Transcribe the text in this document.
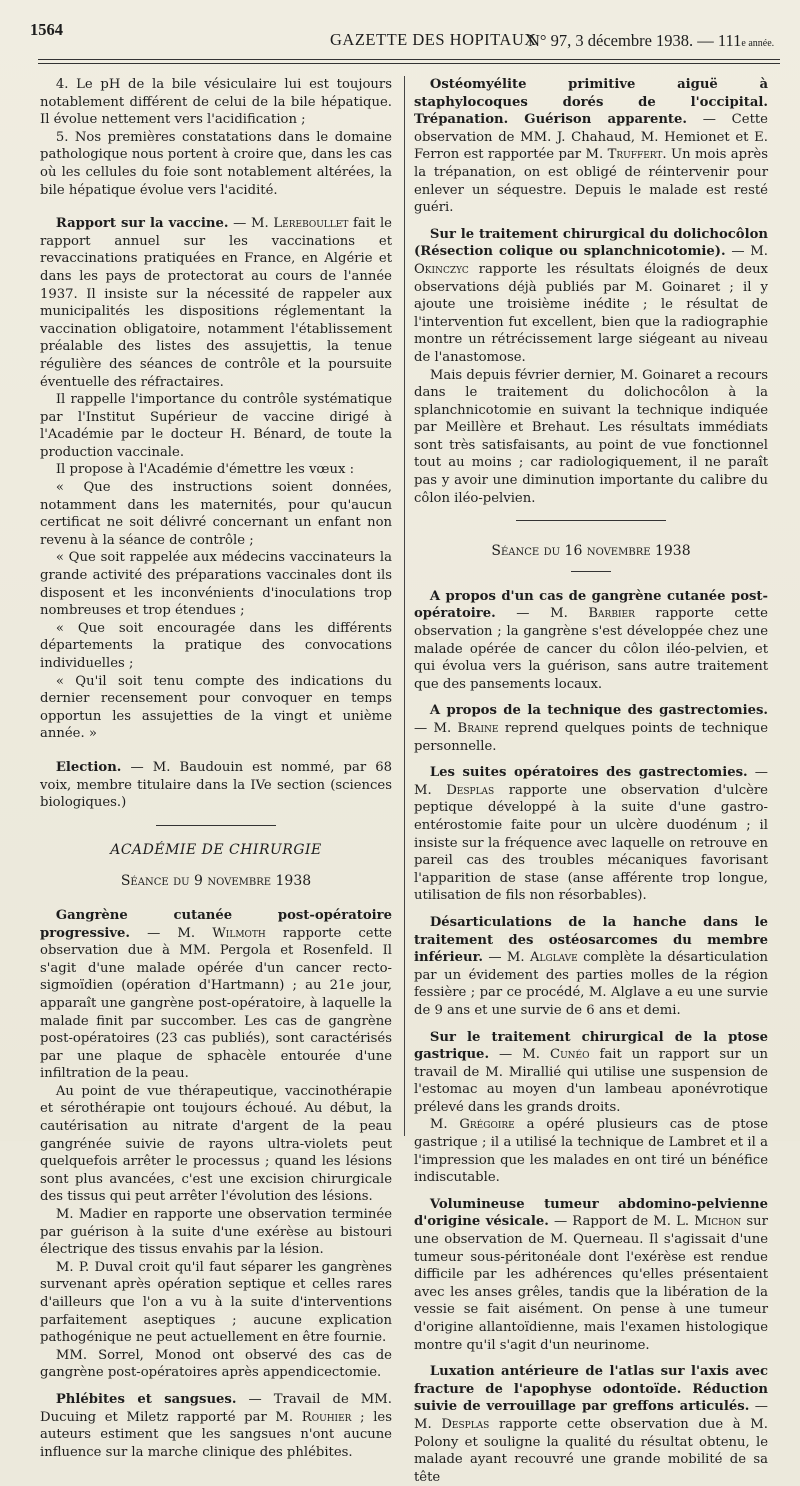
1564
GAZETTE DES HOPITAUX
N° 97, 3 décembre 1938. — 111e année.

4. Le pH de la bile vésiculaire lui est toujours notablement différent de celui de la bile hépatique. Il évolue nettement vers l'acidification ;

5. Nos premières constatations dans le domaine pathologique nous portent à croire que, dans les cas où les cellules du foie sont notablement altérées, la bile hépatique évolue vers l'acidité.

Rapport sur la vaccine. — M. Lereboullet fait le rapport annuel sur les vaccinations et revaccinations pratiquées en France, en Algérie et dans les pays de protectorat au cours de l'année 1937. Il insiste sur la nécessité de rappeler aux municipalités les dispositions réglementant la vaccination obligatoire, notamment l'établissement préalable des listes des assujettis, la tenue régulière des séances de contrôle et la poursuite éventuelle des réfractaires.

Il rappelle l'importance du contrôle systématique par l'Institut Supérieur de vaccine dirigé à l'Académie par le docteur H. Bénard, de toute la production vaccinale.

Il propose à l'Académie d'émettre les vœux :

« Que des instructions soient données, notamment dans les maternités, pour qu'aucun certificat ne soit délivré concernant un enfant non revenu à la séance de contrôle ;

« Que soit rappelée aux médecins vaccinateurs la grande activité des préparations vaccinales dont ils disposent et les inconvénients d'inoculations trop nombreuses et trop étendues ;

« Que soit encouragée dans les différents départements la pratique des convocations individuelles ;

« Qu'il soit tenu compte des indications du dernier recensement pour convoquer en temps opportun les assujetties de la vingt et unième année. »

Election. — M. Baudouin est nommé, par 68 voix, membre titulaire dans la IVe section (sciences biologiques.)

ACADÉMIE DE CHIRURGIE
Séance du 9 novembre 1938

Gangrène cutanée post-opératoire progressive. — M. Wilmoth rapporte cette observation due à MM. Pergola et Rosenfeld. Il s'agit d'une malade opérée d'un cancer recto-sigmoïdien (opération d'Hartmann) ; au 21e jour, apparaît une gangrène post-opératoire, à laquelle la malade finit par succomber. Les cas de gangrène post-opératoires (23 cas publiés), sont caractérisés par une plaque de sphacèle entourée d'une infiltration de la peau.

Au point de vue thérapeutique, vaccinothérapie et sérothérapie ont toujours échoué. Au début, la cautérisation au nitrate d'argent de la peau gangrénée suivie de rayons ultra-violets peut quelquefois arrêter le processus ; quand les lésions sont plus avancées, c'est une excision chirurgicale des tissus qui peut arrêter l'évolution des lésions.

M. Madier en rapporte une observation terminée par guérison à la suite d'une exérèse au bistouri électrique des tissus envahis par la lésion.

M. P. Duval croit qu'il faut séparer les gangrènes survenant après opération septique et celles rares d'ailleurs que l'on a vu à la suite d'interventions parfaitement aseptiques ; aucune explication pathogénique ne peut actuellement en être fournie.

MM. Sorrel, Monod ont observé des cas de gangrène post-opératoires après appendicectomie.

Phlébites et sangsues. — Travail de MM. Ducuing et Miletz rapporté par M. Rouhier ; les auteurs estiment que les sangsues n'ont aucune influence sur la marche clinique des phlébites.

Ostéomyélite primitive aiguë à staphylocoques dorés de l'occipital. Trépanation. Guérison apparente. — Cette observation de MM. J. Chahaud, M. Hemionet et E. Ferron est rapportée par M. Truffert. Un mois après la trépanation, on est obligé de réintervenir pour enlever un séquestre. Depuis le malade est resté guéri.

Sur le traitement chirurgical du dolichocôlon (Résection colique ou splanchnicotomie). — M. Okinczyc rapporte les résultats éloignés de deux observations déjà publiés par M. Goinaret ; il y ajoute une troisième inédite ; le résultat de l'intervention fut excellent, bien que la radiographie montre un rétrécissement large siégeant au niveau de l'anastomose.

Mais depuis février dernier, M. Goinaret a recours dans le traitement du dolichocôlon à la splanchnicotomie en suivant la technique indiquée par Meillère et Brehaut. Les résultats immédiats sont très satisfaisants, au point de vue fonctionnel tout au moins ; car radiologiquement, il ne paraît pas y avoir une diminution importante du calibre du côlon iléo-pelvien.

Séance du 16 novembre 1938

A propos d'un cas de gangrène cutanée post-opératoire. — M. Barbier rapporte cette observation ; la gangrène s'est développée chez une malade opérée de cancer du côlon iléo-pelvien, et qui évolua vers la guérison, sans autre traitement que des pansements locaux.

A propos de la technique des gastrectomies. — M. Braine reprend quelques points de technique personnelle.

Les suites opératoires des gastrectomies. — M. Desplas rapporte une observation d'ulcère peptique développé à la suite d'une gastro-entérostomie faite pour un ulcère duodénum ; il insiste sur la fréquence avec laquelle on retrouve en pareil cas des troubles mécaniques favorisant l'apparition de stase (anse afférente trop longue, utilisation de fils non résorbables).

Désarticulations de la hanche dans le traitement des ostéosarcomes du membre inférieur. — M. Alglave complète la désarticulation par un évidement des parties molles de la région fessière ; par ce procédé, M. Alglave a eu une survie de 9 ans et une survie de 6 ans et demi.

Sur le traitement chirurgical de la ptose gastrique. — M. Cunéo fait un rapport sur un travail de M. Mirallié qui utilise une suspension de l'estomac au moyen d'un lambeau aponévrotique prélevé dans les grands droits.

M. Grégoire a opéré plusieurs cas de ptose gastrique ; il a utilisé la technique de Lambret et il a l'impression que les malades en ont tiré un bénéfice indiscutable.

Volumineuse tumeur abdomino-pelvienne d'origine vésicale. — Rapport de M. L. Michon sur une observation de M. Querneau. Il s'agissait d'une tumeur sous-péritonéale dont l'exérèse est rendue difficile par les adhérences qu'elles présentaient avec les anses grêles, tandis que la libération de la vessie se fait aisément. On pense à une tumeur d'origine allantoïdienne, mais l'examen histologique montre qu'il s'agit d'un neurinome.

Luxation antérieure de l'atlas sur l'axis avec fracture de l'apophyse odontoïde. Réduction suivie de verrouillage par greffons articulés. — M. Desplas rapporte cette observation due à M. Polony et souligne la qualité du résultat obtenu, le malade ayant recouvré une grande mobilité de sa tête
